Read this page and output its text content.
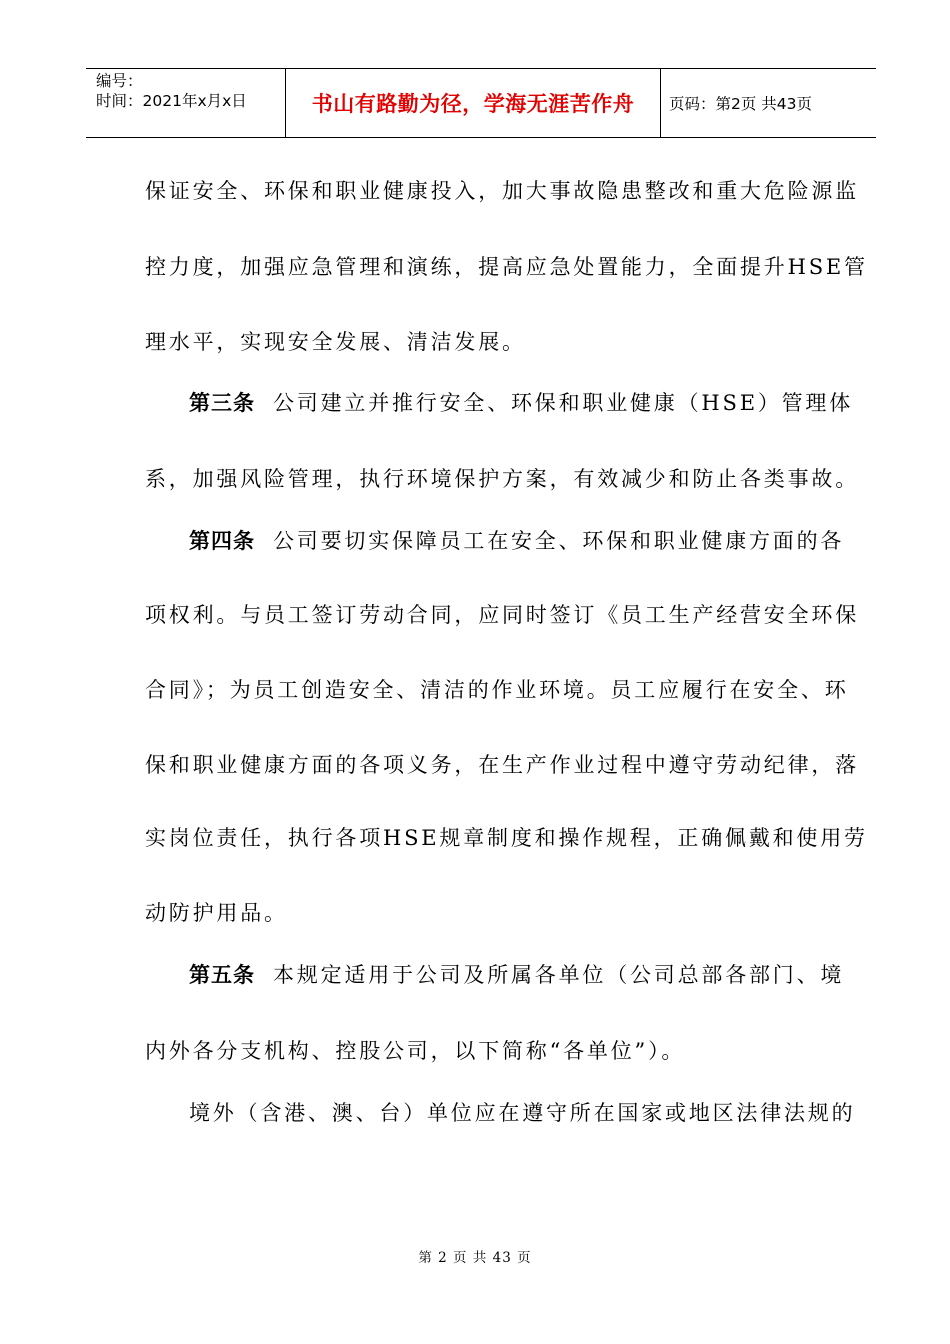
编号：
时间：2021年x月x日	书山有路勤为径，学海无涯苦作舟	页码：第2页 共43页
保证安全、环保和职业健康投入，加大事故隐患整改和重大危险源监
控力度，加强应急管理和演练，提高应急处置能力，全面提升HSE管
理水平，实现安全发展、清洁发展。
第三条 公司建立并推行安全、环保和职业健康（HSE）管理体
系，加强风险管理，执行环境保护方案，有效减少和防止各类事故。
第四条 公司要切实保障员工在安全、环保和职业健康方面的各
项权利。与员工签订劳动合同，应同时签订《员工生产经营安全环保
合同》；为员工创造安全、清洁的作业环境。员工应履行在安全、环
保和职业健康方面的各项义务，在生产作业过程中遵守劳动纪律，落
实岗位责任，执行各项HSE规章制度和操作规程，正确佩戴和使用劳
动防护用品。
第五条 本规定适用于公司及所属各单位（公司总部各部门、境
内外各分支机构、控股公司，以下简称“各单位”）。
境外（含港、澳、台）单位应在遵守所在国家或地区法律法规的
第 2 页 共 43 页
